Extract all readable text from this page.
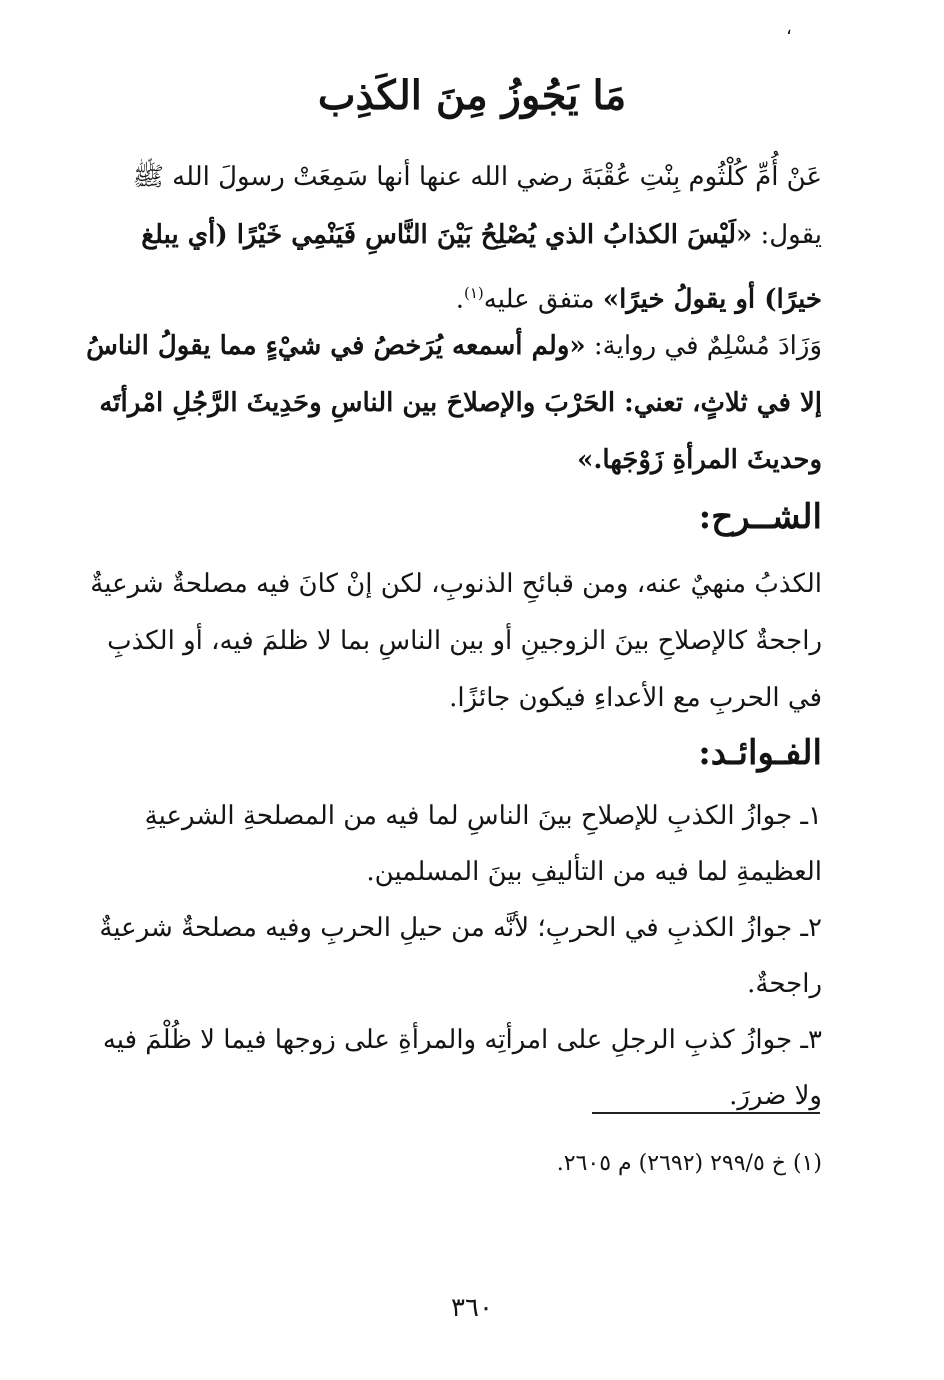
،
مَا يَجُوزُ مِنَ الكَذِب

عَنْ أُمِّ كُلْثُوم بِنْتِ عُقْبَةَ رضي الله عنها أنها سَمِعَتْ رسولَ الله ﷺ يقول: «لَيْسَ الكذابُ الذي يُصْلِحُ بَيْنَ النَّاسِ فَيَنْمِي خَيْرًا (أي يبلغ خيرًا) أو يقولُ خيرًا» متفق عليه$^{(١)}$.

وَزَادَ مُسْلِمٌ في رواية: «ولم أسمعه يُرَخصُ في شيْءٍ مما يقولُ الناسُ إلا في ثلاثٍ، تعني: الحَرْبَ والإصلاحَ بين الناسِ وحَدِيثَ الرَّجُلِ امْرأتَه وحديثَ المرأةِ زَوْجَها.»

الشــرح:

الكذبُ منهيٌ عنه، ومن قبائحِ الذنوبِ، لكن إنْ كانَ فيه مصلحةٌ شرعيةٌ راجحةٌ كالإصلاحِ بينَ الزوجينِ أو بين الناسِ بما لا ظلمَ فيه، أو الكذبِ في الحربِ مع الأعداءِ فيكون جائزًا.

الفـوائـد:
١ـ جوازُ الكذبِ للإصلاحِ بينَ الناسِ لما فيه من المصلحةِ الشرعيةِ العظيمةِ لما فيه من التأليفِ بينَ المسلمين.
٢ـ جوازُ الكذبِ في الحربِ؛ لأنَّه من حيلِ الحربِ وفيه مصلحةٌ شرعيةٌ راجحةٌ.
٣ـ جوازُ كذبِ الرجلِ على امرأتِه والمرأةِ على زوجها فيما لا ظُلْمَ فيه ولا ضررَ.

(١) خ ٢٩٩/٥ (٢٦٩٢) م ٢٦٠٥.

٣٦٠
